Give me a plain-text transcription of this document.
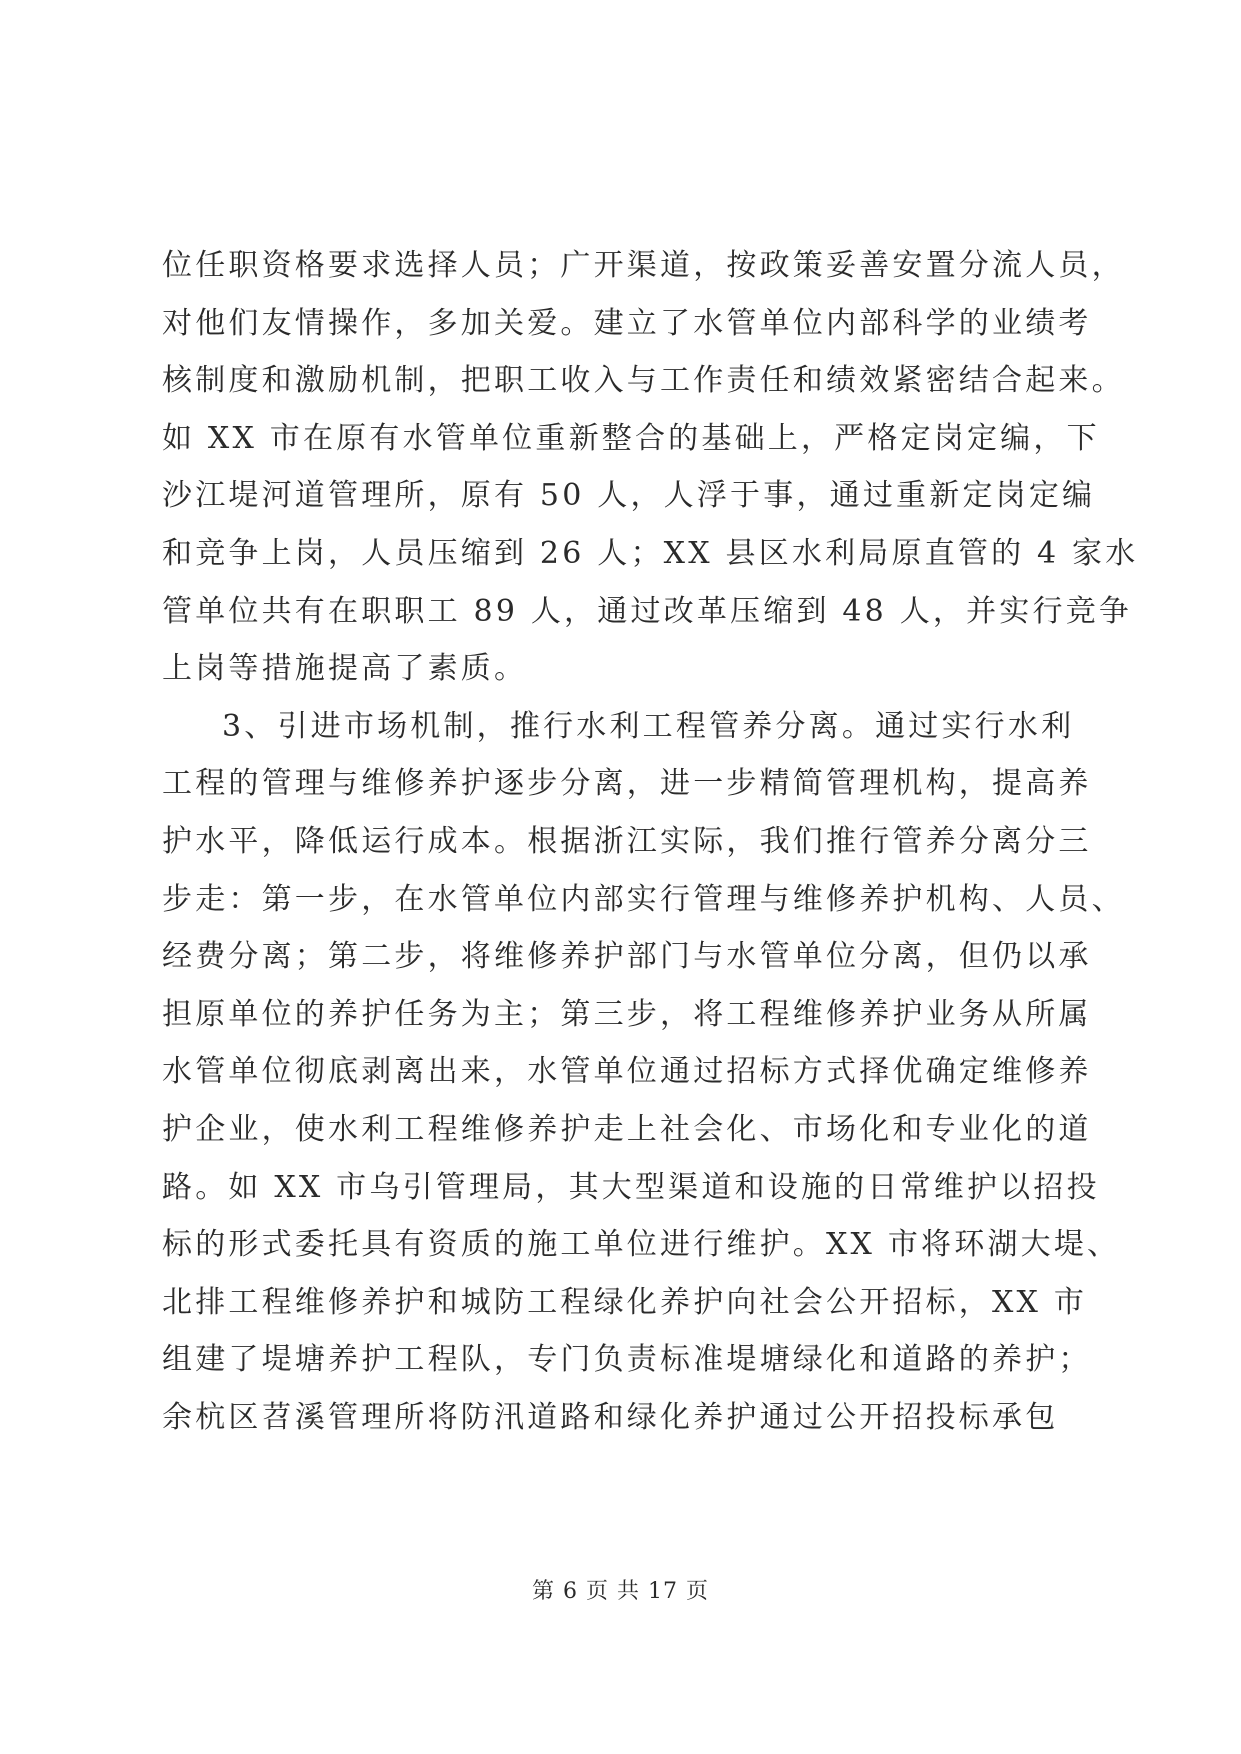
位任职资格要求选择人员；广开渠道，按政策妥善安置分流人员，
对他们友情操作，多加关爱。建立了水管单位内部科学的业绩考
核制度和激励机制，把职工收入与工作责任和绩效紧密结合起来。
如 XX 市在原有水管单位重新整合的基础上，严格定岗定编，下
沙江堤河道管理所，原有 50 人，人浮于事，通过重新定岗定编
和竞争上岗，人员压缩到 26 人；XX 县区水利局原直管的 4 家水
管单位共有在职职工 89 人，通过改革压缩到 48 人，并实行竞争
上岗等措施提高了素质。
3、引进市场机制，推行水利工程管养分离。通过实行水利
工程的管理与维修养护逐步分离，进一步精简管理机构，提高养
护水平，降低运行成本。根据浙江实际，我们推行管养分离分三
步走：第一步，在水管单位内部实行管理与维修养护机构、人员、
经费分离；第二步，将维修养护部门与水管单位分离，但仍以承
担原单位的养护任务为主；第三步，将工程维修养护业务从所属
水管单位彻底剥离出来，水管单位通过招标方式择优确定维修养
护企业，使水利工程维修养护走上社会化、市场化和专业化的道
路。如 XX 市乌引管理局，其大型渠道和设施的日常维护以招投
标的形式委托具有资质的施工单位进行维护。XX 市将环湖大堤、
北排工程维修养护和城防工程绿化养护向社会公开招标，XX 市
组建了堤塘养护工程队，专门负责标准堤塘绿化和道路的养护；
余杭区苕溪管理所将防汛道路和绿化养护通过公开招投标承包
第 6 页 共 17 页
